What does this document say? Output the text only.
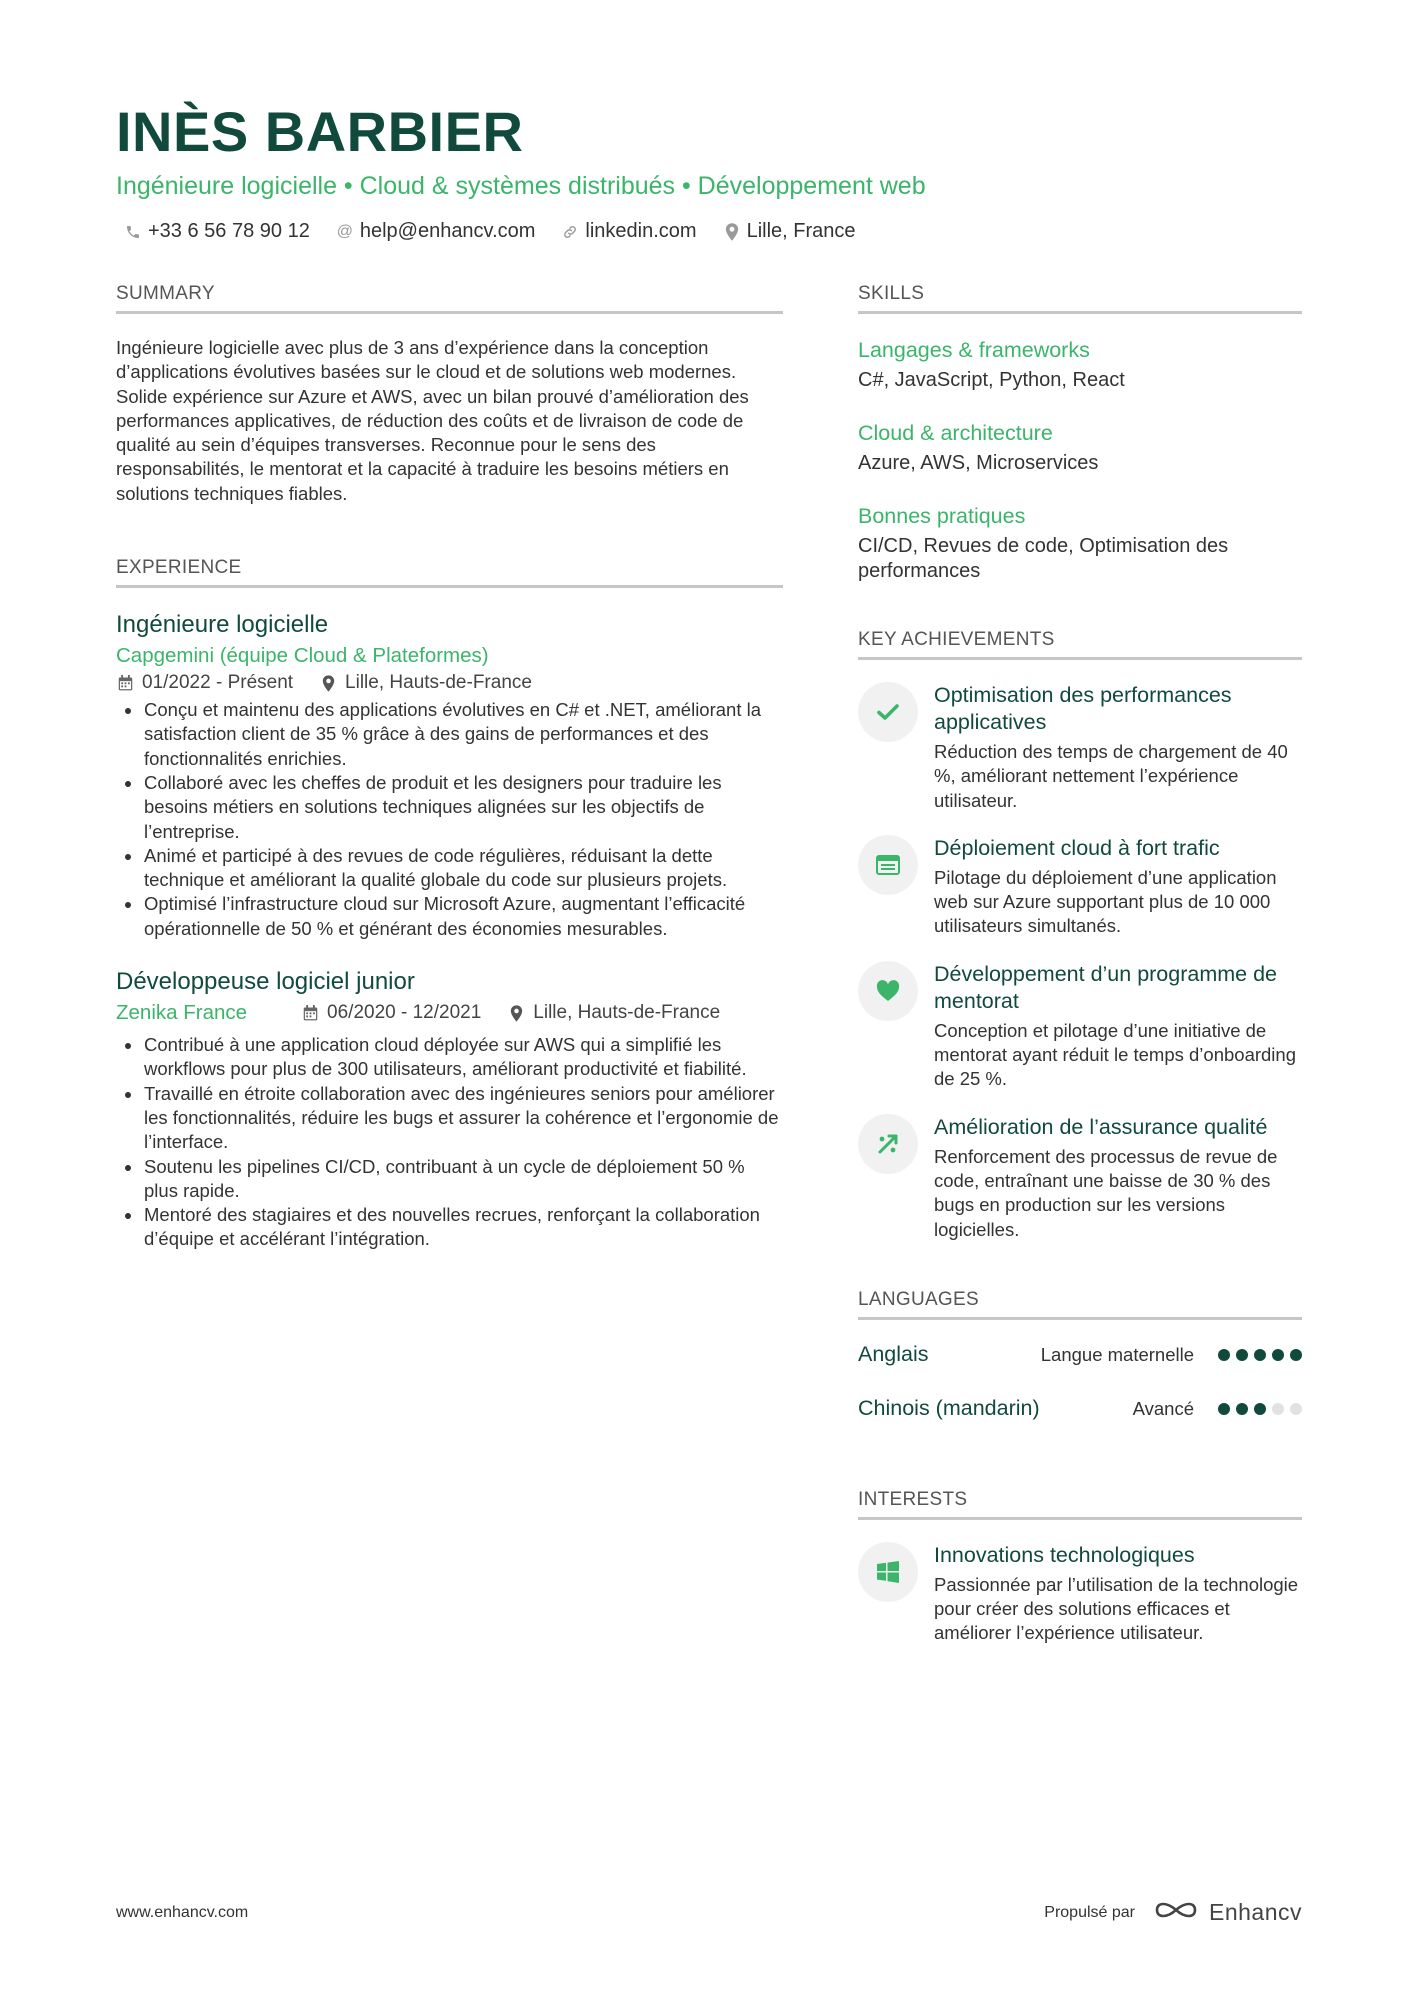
INÈS BARBIER
Ingénieure logicielle • Cloud & systèmes distribués • Développement web
+33 6 56 78 90 12 @ help@enhancv.com	linkedin.com	Lille, France
SUMMARY
Ingénieure logicielle avec plus de 3 ans d’expérience dans la conception d’applications évolutives basées sur le cloud et de solutions web modernes. Solide expérience sur Azure et AWS, avec un bilan prouvé d’amélioration des performances applicatives, de réduction des coûts et de livraison de code de qualité au sein d’équipes transverses. Reconnue pour le sens des responsabilités, le mentorat et la capacité à traduire les besoins métiers en solutions techniques fiables.
EXPERIENCE
Ingénieure logicielle
Capgemini (équipe Cloud & Plateformes)
01/2022 - Présent	Lille, Hauts-de-France
Conçu et maintenu des applications évolutives en C# et .NET, améliorant la satisfaction client de 35 % grâce à des gains de performances et des fonctionnalités enrichies.
Collaboré avec les cheffes de produit et les designers pour traduire les besoins métiers en solutions techniques alignées sur les objectifs de l’entreprise.
Animé et participé à des revues de code régulières, réduisant la dette technique et améliorant la qualité globale du code sur plusieurs projets.
Optimisé l’infrastructure cloud sur Microsoft Azure, augmentant l’efficacité opérationnelle de 50 % et générant des économies mesurables.
Développeuse logiciel junior
Zenika France	06/2020 - 12/2021	Lille, Hauts-de-France
Contribué à une application cloud déployée sur AWS qui a simplifié les workflows pour plus de 300 utilisateurs, améliorant productivité et fiabilité.
Travaillé en étroite collaboration avec des ingénieures seniors pour améliorer les fonctionnalités, réduire les bugs et assurer la cohérence et l’ergonomie de l’interface.
Soutenu les pipelines CI/CD, contribuant à un cycle de déploiement 50 % plus rapide.
Mentoré des stagiaires et des nouvelles recrues, renforçant la collaboration d’équipe et accélérant l’intégration.
SKILLS
Langages & frameworks
C#, JavaScript, Python, React
Cloud & architecture
Azure, AWS, Microservices
Bonnes pratiques
CI/CD, Revues de code, Optimisation des performances
KEY ACHIEVEMENTS
Optimisation des performances applicatives
Réduction des temps de chargement de 40 %, améliorant nettement l’expérience utilisateur.
Déploiement cloud à fort trafic
Pilotage du déploiement d’une application web sur Azure supportant plus de 10 000 utilisateurs simultanés.
Développement d’un programme de mentorat
Conception et pilotage d’une initiative de mentorat ayant réduit le temps d’onboarding de 25 %.
Amélioration de l’assurance qualité
Renforcement des processus de revue de code, entraînant une baisse de 30 % des bugs en production sur les versions logicielles.
LANGUAGES
Anglais	Langue maternelle
Chinois (mandarin)	Avancé
INTERESTS
Innovations technologiques
Passionnée par l’utilisation de la technologie pour créer des solutions efficaces et améliorer l’expérience utilisateur.
www.enhancv.com	Propulsé par	Enhancv
